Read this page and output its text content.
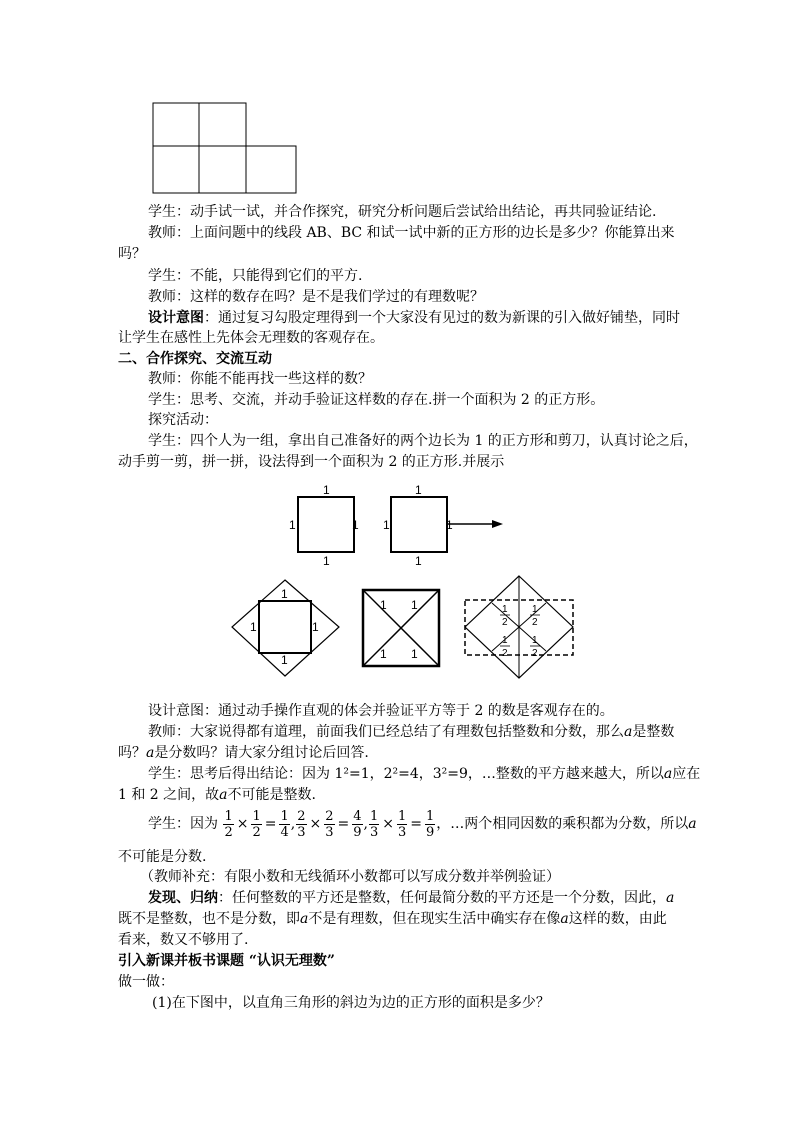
学生：动手试一试，并合作探究，研究分析问题后尝试给出结论，再共同验证结论.
教师：上面问题中的线段 AB、BC 和试一试中新的正方形的边长是多少？你能算出来
吗？
学生：不能，只能得到它们的平方.
教师：这样的数存在吗？是不是我们学过的有理数呢？
设计意图：通过复习勾股定理得到一个大家没有见过的数为新课的引入做好铺垫，同时
让学生在感性上先体会无理数的客观存在。
二、合作探究、交流互动
教师：你能不能再找一些这样的数？
学生：思考、交流，并动手验证这样数的存在.拼一个面积为 2 的正方形。
探究活动：
学生：四个人为一组，拿出自己准备好的两个边长为 1 的正方形和剪刀，认真讨论之后，
动手剪一剪，拼一拼，设法得到一个面积为 2 的正方形.并展示
1
1	1
1
1
1	1
1
1
1	1
1
1 1
1 1
1
2
1
2
1
2
1
2
设计意图：通过动手操作直观的体会并验证平方等于 2 的数是客观存在的。
教师：大家说得都有道理，前面我们已经总结了有理数包括整数和分数，那么a是整数
吗？a是分数吗？请大家分组讨论后回答.
学生：思考后得出结论：因为 1²=1，2²=4，3²=9，…整数的平方越来越大，所以a应在
1 和 2 之间，故a不可能是整数.
学生：因为 $\frac{1}{2} \times \frac{1}{2} = \frac{1}{4}$ , $\frac{2}{3} \times \frac{2}{3} = \frac{4}{9}$ , $\frac{1}{3} \times \frac{1}{3} = \frac{1}{9}$ ，…两个相同因数的乘积都为分数，所以a
不可能是分数.
（教师补充：有限小数和无线循环小数都可以写成分数并举例验证）
发现、归纳：任何整数的平方还是整数，任何最简分数的平方还是一个分数，因此，a
既不是整数，也不是分数，即a不是有理数，但在现实生活中确实存在像a这样的数，由此
看来，数又不够用了.
引入新课并板书课题 “认识无理数”
做一做：
(1)在下图中，以直角三角形的斜边为边的正方形的面积是多少？
